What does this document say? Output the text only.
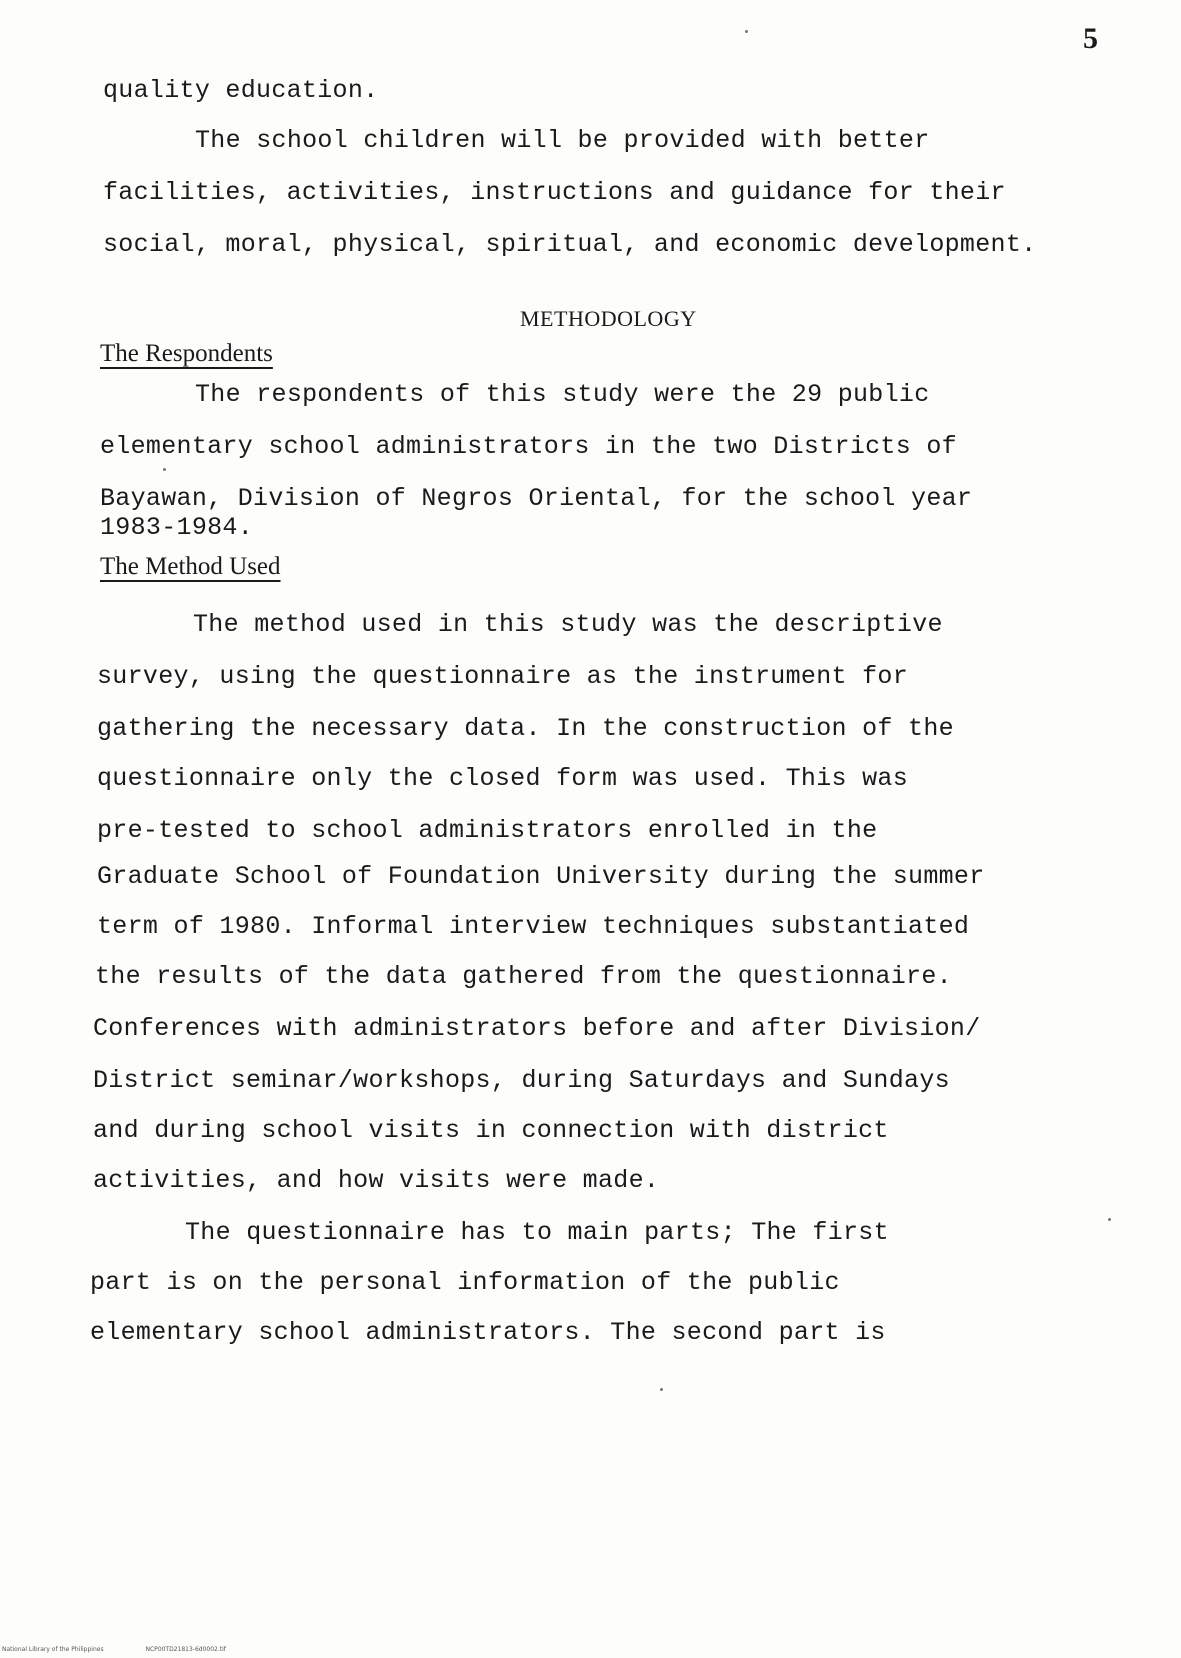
5
quality education.
The school children will be provided with better
facilities, activities, instructions and guidance for their
social, moral, physical, spiritual, and economic development.
METHODOLOGY
The Respondents
The respondents of this study were the 29 public
elementary school administrators in the two Districts of
Bayawan, Division of Negros Oriental, for the school year
1983-1984.
The Method Used
The method used in this study was the descriptive
survey, using the questionnaire as the instrument for
gathering the necessary data. In the construction of the
questionnaire only the closed form was used. This was
pre-tested to school administrators enrolled in the
Graduate School of Foundation University during the summer
term of 1980. Informal interview techniques substantiated
the results of the data gathered from the questionnaire.
Conferences with administrators before and after Division/
District seminar/workshops, during Saturdays and Sundays
and during school visits in connection with district
activities, and how visits were made.
The questionnaire has to main parts; The first
part is on the personal information of the public
elementary school administrators. The second part is
National Library of the Philippines	NCP00TD21813-6d0002.tif
